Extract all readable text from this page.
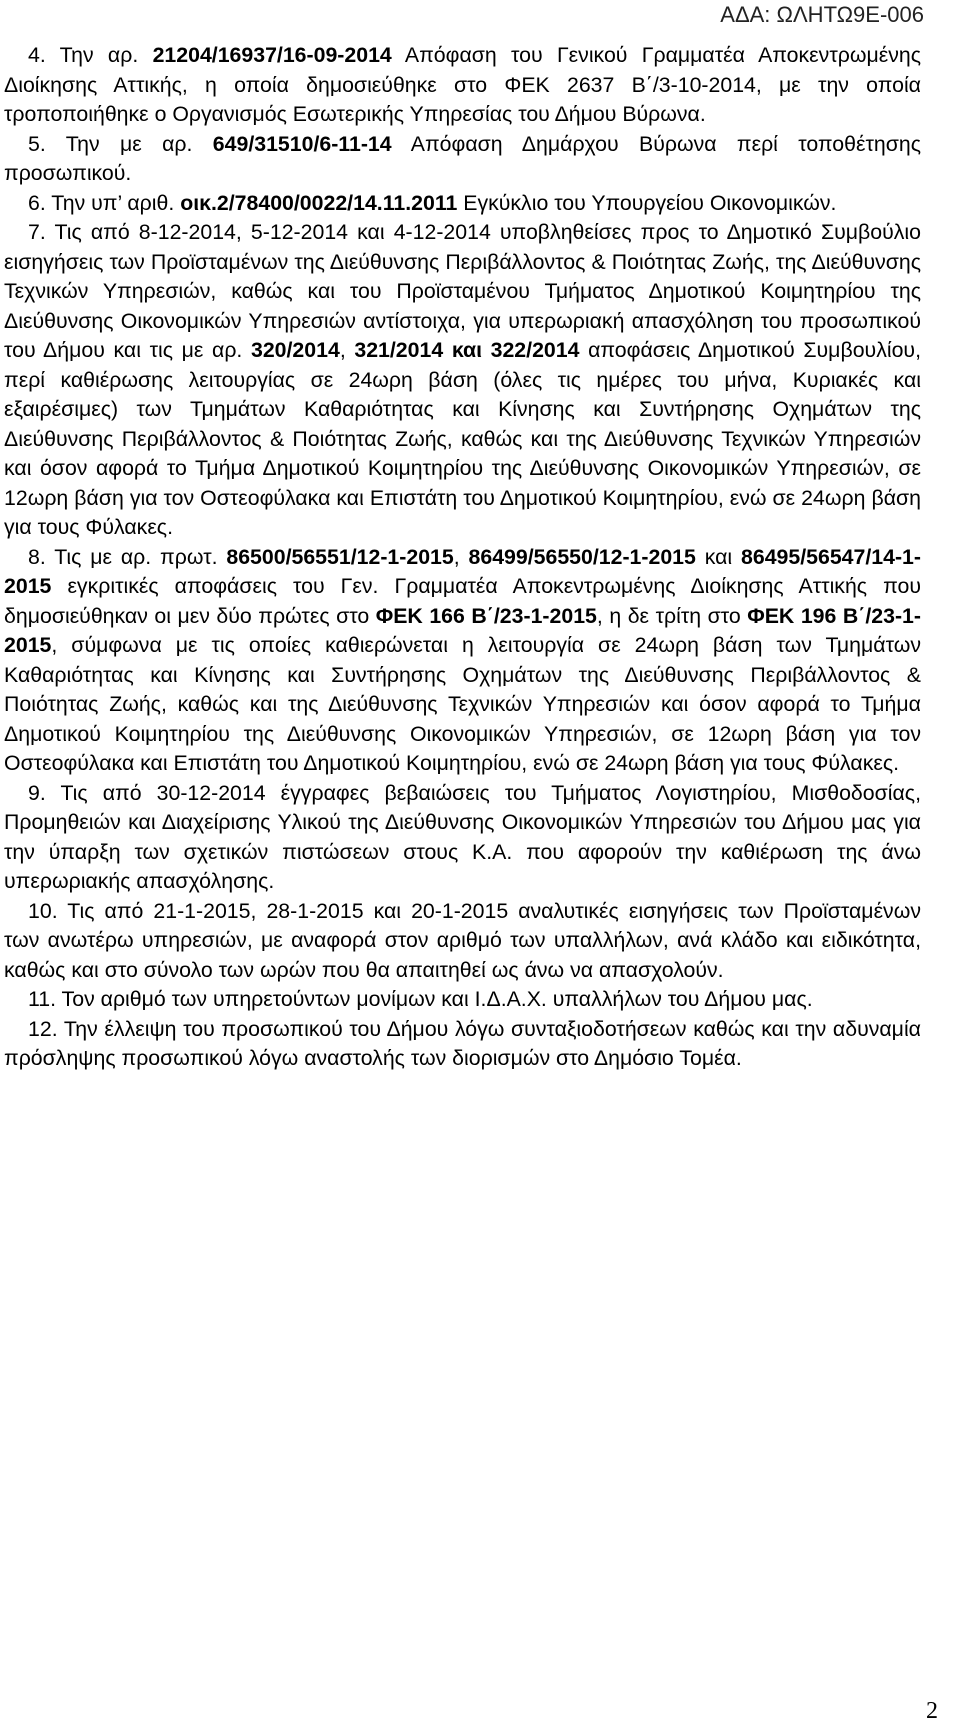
ΑΔΑ: ΩΛΗΤΩ9Ε-006

4. Την αρ. 21204/16937/16-09-2014 Απόφαση του Γενικού Γραμματέα Αποκεντρωμένης Διοίκησης Αττικής, η οποία δημοσιεύθηκε στο ΦΕΚ 2637 Β΄/3-10-2014, με την οποία τροποποιήθηκε ο Οργανισμός Εσωτερικής Υπηρεσίας του Δήμου Βύρωνα.

5. Την με αρ. 649/31510/6-11-14 Απόφαση Δημάρχου Βύρωνα περί τοποθέτησης προσωπικού.

6. Την υπ’ αριθ. οικ.2/78400/0022/14.11.2011 Εγκύκλιο του Υπουργείου Οικονομικών.

7. Τις από 8-12-2014, 5-12-2014 και 4-12-2014 υποβληθείσες προς το Δημοτικό Συμβούλιο εισηγήσεις των Προϊσταμένων της Διεύθυνσης Περιβάλλοντος & Ποιότητας Ζωής, της Διεύθυνσης Τεχνικών Υπηρεσιών, καθώς και του Προϊσταμένου Τμήματος Δημοτικού Κοιμητηρίου της Διεύθυνσης Οικονομικών Υπηρεσιών αντίστοιχα, για υπερωριακή απασχόληση του προσωπικού του Δήμου και τις με αρ. 320/2014, 321/2014 και 322/2014 αποφάσεις Δημοτικού Συμβουλίου, περί καθιέρωσης λειτουργίας σε 24ωρη βάση (όλες τις ημέρες του μήνα, Κυριακές και εξαιρέσιμες) των Τμημάτων Καθαριότητας και Κίνησης και Συντήρησης Οχημάτων της Διεύθυνσης Περιβάλλοντος & Ποιότητας Ζωής, καθώς και της Διεύθυνσης Τεχνικών Υπηρεσιών και όσον αφορά το Τμήμα Δημοτικού Κοιμητηρίου της Διεύθυνσης Οικονομικών Υπηρεσιών, σε 12ωρη βάση για τον Οστεοφύλακα και Επιστάτη του Δημοτικού Κοιμητηρίου, ενώ σε 24ωρη βάση για τους Φύλακες.

8. Τις με αρ. πρωτ. 86500/56551/12-1-2015, 86499/56550/12-1-2015 και 86495/56547/14-1-2015 εγκριτικές αποφάσεις του Γεν. Γραμματέα Αποκεντρωμένης Διοίκησης Αττικής που δημοσιεύθηκαν οι μεν δύο πρώτες στο ΦΕΚ 166 Β΄/23-1-2015, η δε τρίτη στο ΦΕΚ 196 Β΄/23-1-2015, σύμφωνα με τις οποίες καθιερώνεται η λειτουργία σε 24ωρη βάση των Τμημάτων Καθαριότητας και Κίνησης και Συντήρησης Οχημάτων της Διεύθυνσης Περιβάλλοντος & Ποιότητας Ζωής, καθώς και της Διεύθυνσης Τεχνικών Υπηρεσιών και όσον αφορά το Τμήμα Δημοτικού Κοιμητηρίου της Διεύθυνσης Οικονομικών Υπηρεσιών, σε 12ωρη βάση για τον Οστεοφύλακα και Επιστάτη του Δημοτικού Κοιμητηρίου, ενώ σε 24ωρη βάση για τους Φύλακες.

9. Τις από 30-12-2014 έγγραφες βεβαιώσεις του Τμήματος Λογιστηρίου, Μισθοδοσίας, Προμηθειών και Διαχείρισης Υλικού της Διεύθυνσης Οικονομικών Υπηρεσιών του Δήμου μας για την ύπαρξη των σχετικών πιστώσεων στους Κ.Α. που αφορούν την καθιέρωση της άνω υπερωριακής απασχόλησης.

10. Τις από 21-1-2015, 28-1-2015 και 20-1-2015 αναλυτικές εισηγήσεις των Προϊσταμένων των ανωτέρω υπηρεσιών, με αναφορά στον αριθμό των υπαλλήλων, ανά κλάδο και ειδικότητα, καθώς και στο σύνολο των ωρών που θα απαιτηθεί ως άνω να απασχολούν.

11. Τον αριθμό των υπηρετούντων μονίμων και Ι.Δ.Α.Χ. υπαλλήλων του Δήμου μας.

12. Την έλλειψη του προσωπικού του Δήμου λόγω συνταξιοδοτήσεων καθώς και την αδυναμία πρόσληψης προσωπικού λόγω αναστολής των διορισμών στο Δημόσιο Τομέα.

2
